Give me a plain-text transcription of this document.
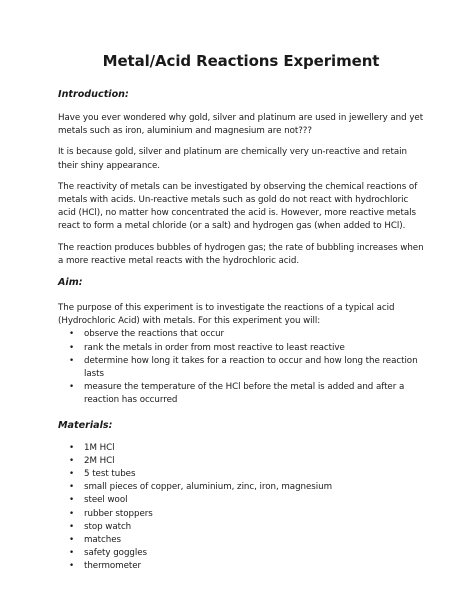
Metal/Acid Reactions Experiment
Introduction:

Have you ever wondered why gold, silver and platinum are used in jewellery and yet metals such as iron, aluminium and magnesium are not???

It is because gold, silver and platinum are chemically very un-reactive and retain their shiny appearance.

The reactivity of metals can be investigated by observing the chemical reactions of metals with acids. Un-reactive metals such as gold do not react with hydrochloric acid (HCl), no matter how concentrated the acid is. However, more reactive metals react to form a metal chloride (or a salt) and hydrogen gas (when added to HCl).

The reaction produces bubbles of hydrogen gas; the rate of bubbling increases when a more reactive metal reacts with the hydrochloric acid.

Aim:

The purpose of this experiment is to investigate the reactions of a typical acid (Hydrochloric Acid) with metals. For this experiment you will:

• observe the reactions that occur
• rank the metals in order from most reactive to least reactive
• determine how long it takes for a reaction to occur and how long the reaction lasts
• measure the temperature of the HCl before the metal is added and after a reaction has occurred
Materials:
• 1M HCl
• 2M HCl
• 5 test tubes
• small pieces of copper, aluminium, zinc, iron, magnesium
• steel wool
• rubber stoppers
• stop watch
• matches
• safety goggles
• thermometer
